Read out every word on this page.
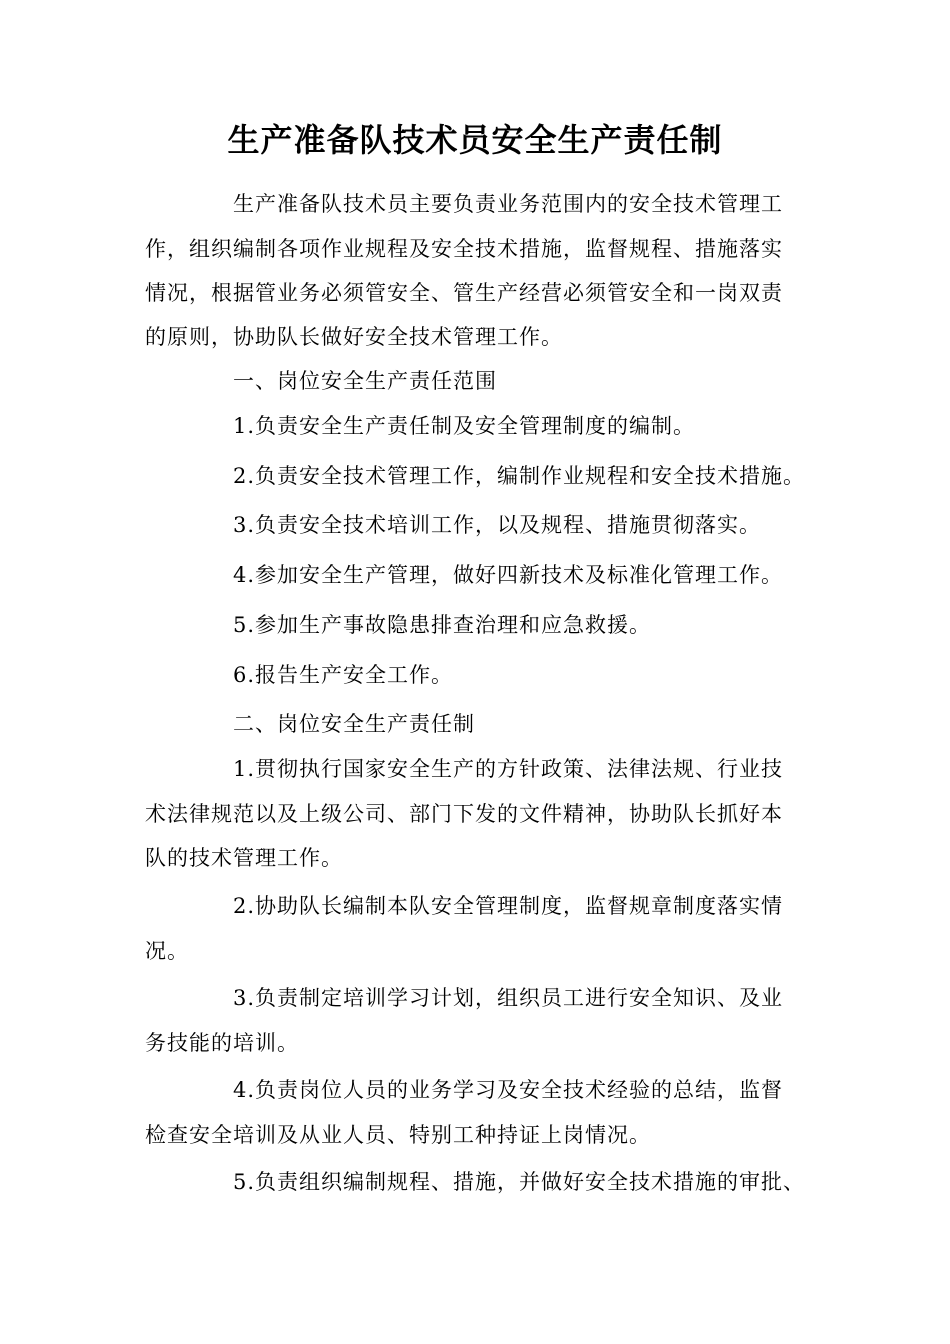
生产准备队技术员安全生产责任制
生产准备队技术员主要负责业务范围内的安全技术管理工
作，组织编制各项作业规程及安全技术措施，监督规程、措施落实
情况，根据管业务必须管安全、管生产经营必须管安全和一岗双责
的原则，协助队长做好安全技术管理工作。
一、岗位安全生产责任范围
1.负责安全生产责任制及安全管理制度的编制。
2.负责安全技术管理工作，编制作业规程和安全技术措施。
3.负责安全技术培训工作，以及规程、措施贯彻落实。
4.参加安全生产管理，做好四新技术及标准化管理工作。
5.参加生产事故隐患排查治理和应急救援。
6.报告生产安全工作。
二、岗位安全生产责任制
1.贯彻执行国家安全生产的方针政策、法律法规、行业技
术法律规范以及上级公司、部门下发的文件精神，协助队长抓好本
队的技术管理工作。
2.协助队长编制本队安全管理制度，监督规章制度落实情
况。
3.负责制定培训学习计划，组织员工进行安全知识、及业
务技能的培训。
4.负责岗位人员的业务学习及安全技术经验的总结，监督
检查安全培训及从业人员、特别工种持证上岗情况。
5.负责组织编制规程、措施，并做好安全技术措施的审批、
